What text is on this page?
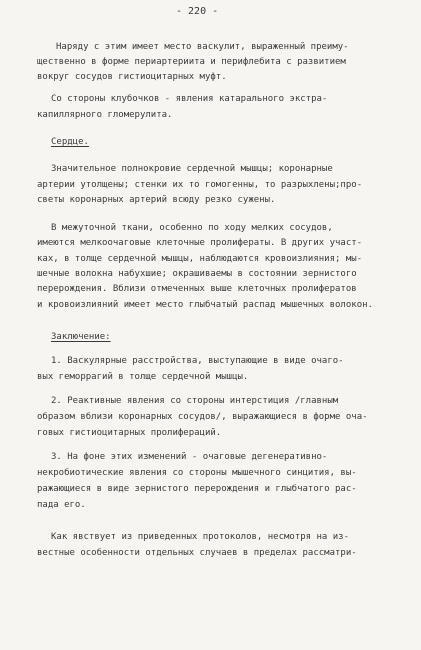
- 220 -
Наряду с этим имеет место васкулит, выраженный преиму-
щественно в форме периартериита и перифлебита с развитием
вокруг сосудов гистиоцитарных муфт.
Со стороны клубочков - явления катарального экстра-
капиллярного гломерулита.
Сердце.
Значительное полнокровие сердечной мышцы; коронарные
артерии утолщены; стенки их то гомогенны, то разрыхлены;про-
светы коронарных артерий всюду резко сужены.
В межуточной ткани, особенно по ходу мелких сосудов,
имеются мелкоочаговые клеточные пролифераты. В других участ-
ках, в толще сердечной мышцы, наблюдаются кровоизлияния; мы-
шечные волокна набухшие; окрашиваемы в состоянии зернистого
перерождения. Вблизи отмеченных выше клеточных пролифератов
и кровоизлияний имеет место глыбчатый распад мышечных волокон.
Заключение:
1. Васкулярные расстройства, выступающие в виде очаго-
вых геморрагий в толще сердечной мышцы.
2. Реактивные явления со стороны интерстиция /главным
образом вблизи коронарных сосудов/, выражающиеся в форме оча-
говых гистиоцитарных пролифераций.
3. На фоне этих изменений - очаговые дегенеративно-
некробиотические явления со стороны мышечного синцития, вы-
ражающиеся в виде зернистого перерождения и глыбчатого рас-
пада его.
Как явствует из приведенных протоколов, несмотря на из-
вестные особенности отдельных случаев в пределах рассматри-
